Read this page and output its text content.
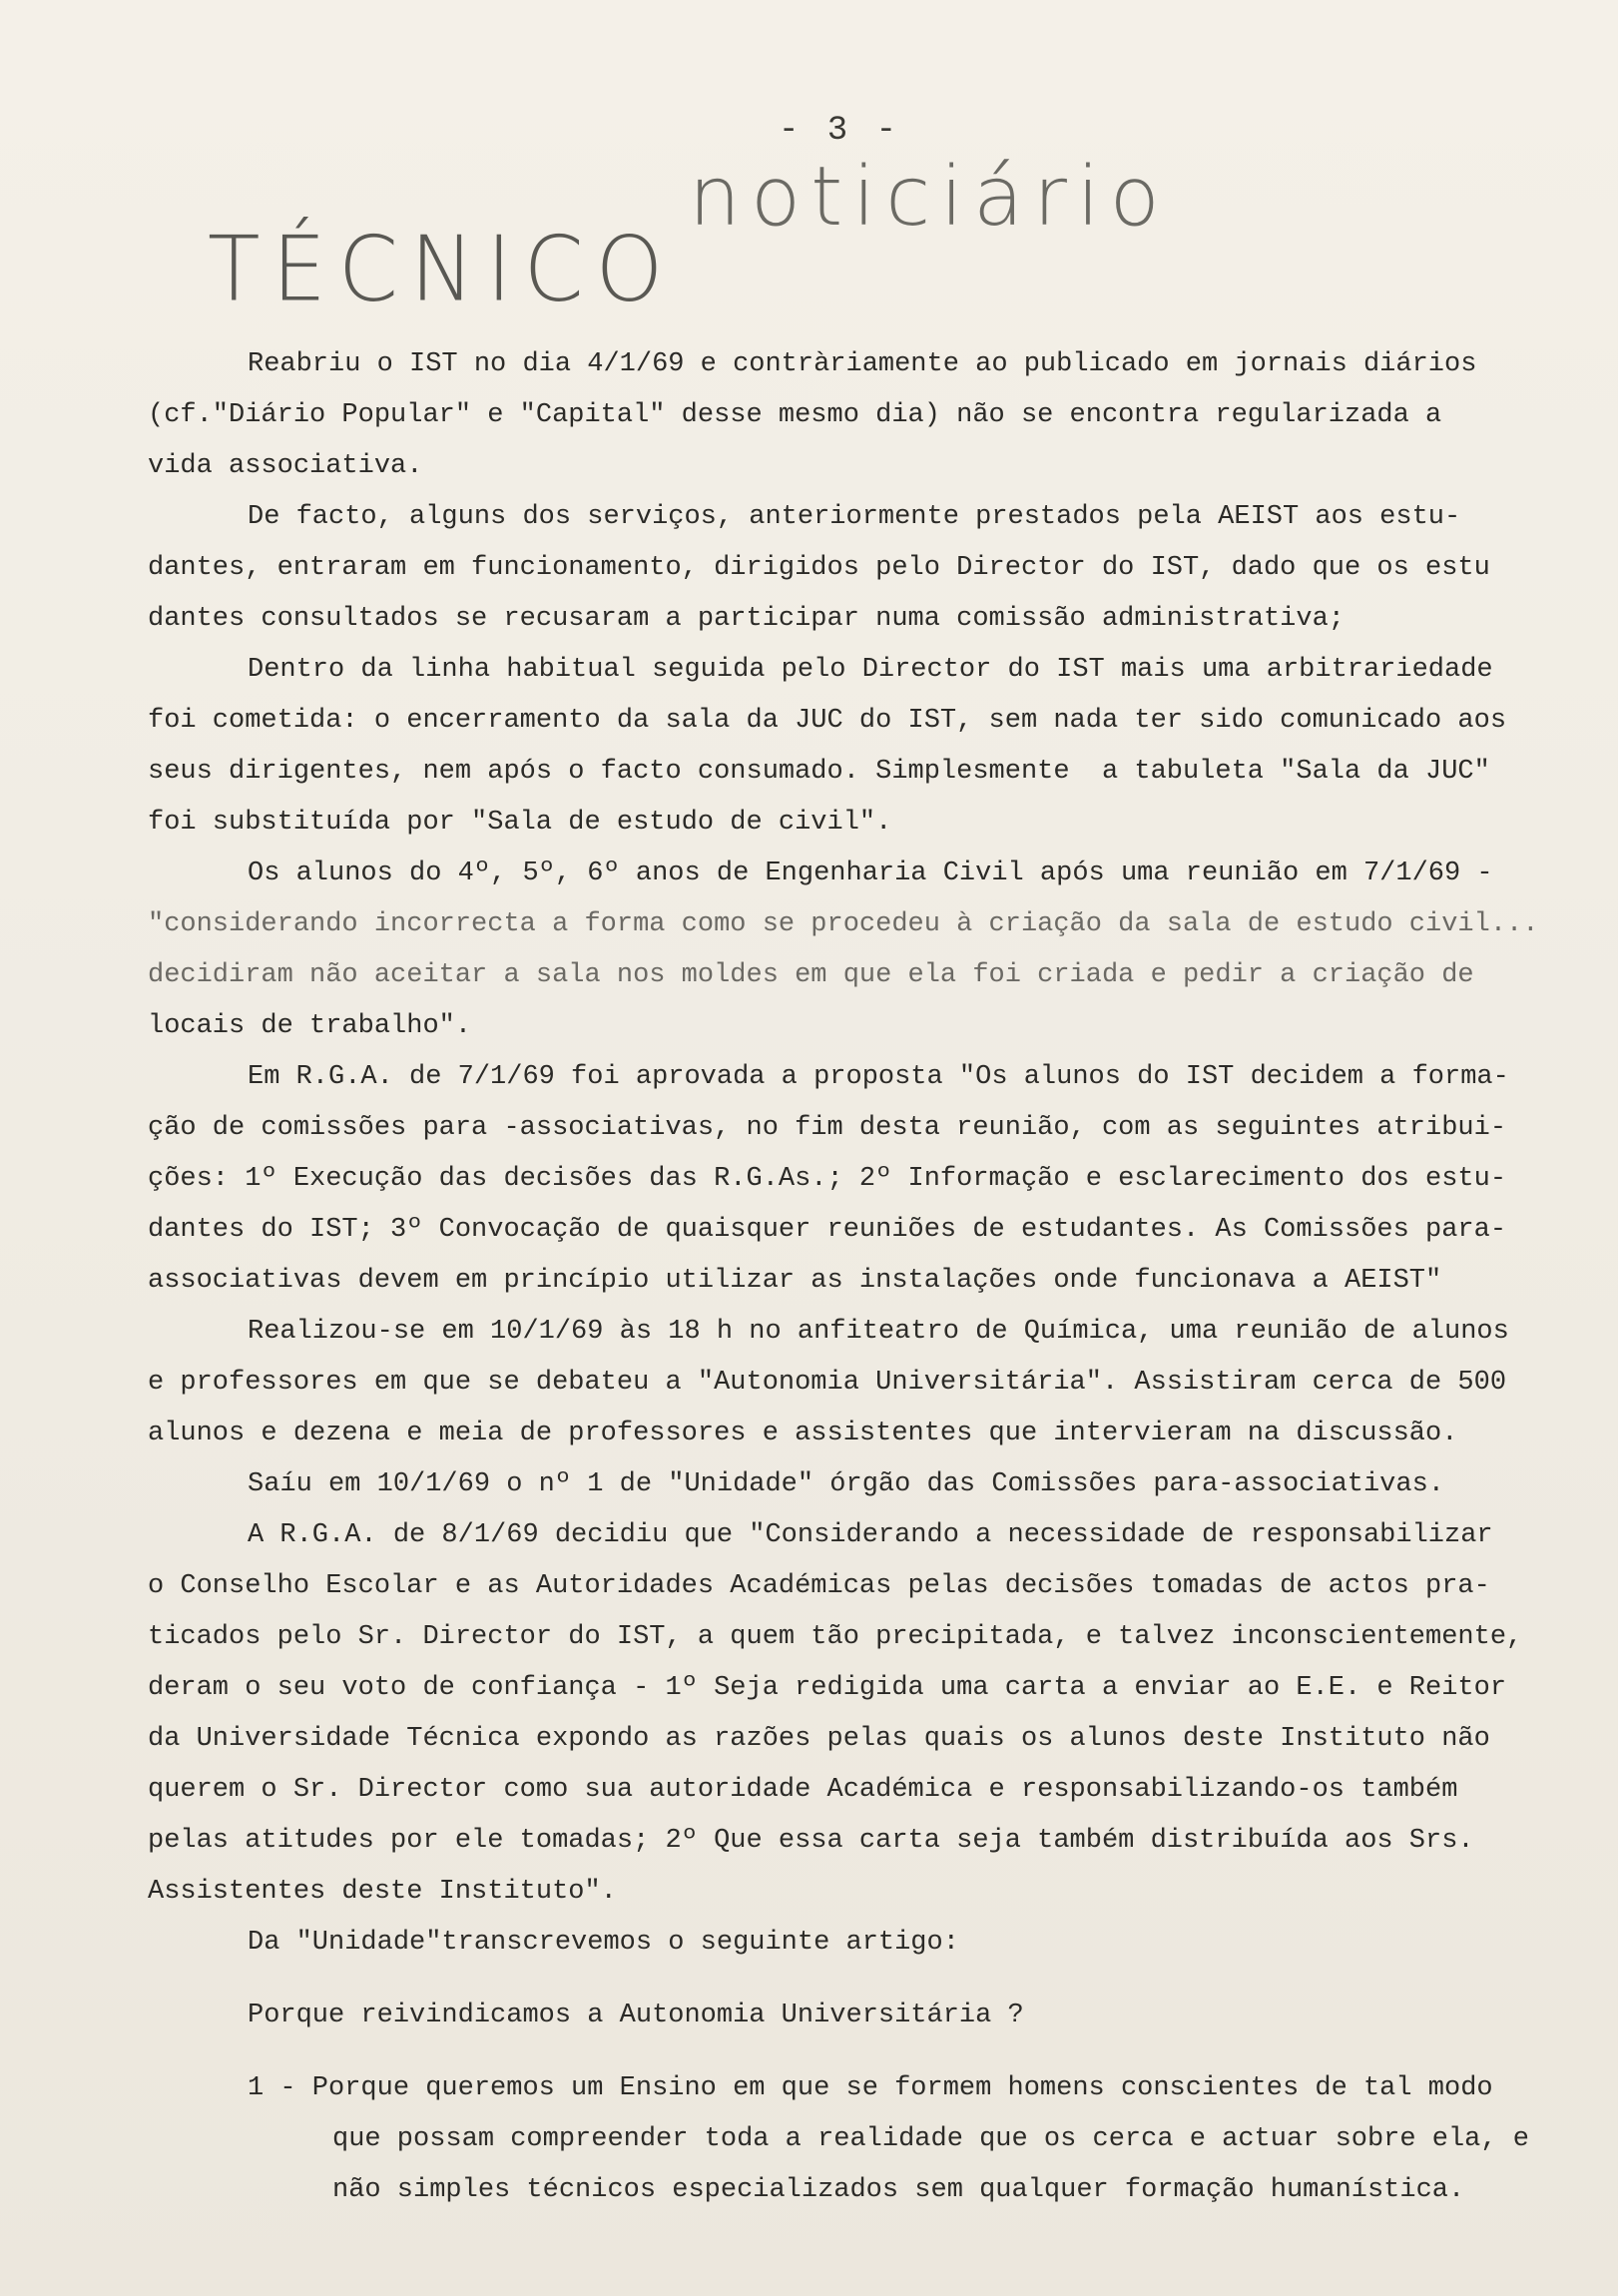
- 3 -
noticiário
TÉCNICO
Reabriu o IST no dia 4/1/69 e contràriamente ao publicado em jornais diários
(cf."Diário Popular" e "Capital" desse mesmo dia) não se encontra regularizada a
vida associativa.
De facto, alguns dos serviços, anteriormente prestados pela AEIST aos estu-
dantes, entraram em funcionamento, dirigidos pelo Director do IST, dado que os estu
dantes consultados se recusaram a participar numa comissão administrativa;
Dentro da linha habitual seguida pelo Director do IST mais uma arbitrariedade
foi cometida: o encerramento da sala da JUC do IST, sem nada ter sido comunicado aos
seus dirigentes, nem após o facto consumado. Simplesmente  a tabuleta "Sala da JUC"
foi substituída por "Sala de estudo de civil".
Os alunos do 4º, 5º, 6º anos de Engenharia Civil após uma reunião em 7/1/69 -
"considerando incorrecta a forma como se procedeu à criação da sala de estudo civil...
decidiram não aceitar a sala nos moldes em que ela foi criada e pedir a criação de
locais de trabalho".
Em R.G.A. de 7/1/69 foi aprovada a proposta "Os alunos do IST decidem a forma-
ção de comissões para -associativas, no fim desta reunião, com as seguintes atribui-
ções: 1º Execução das decisões das R.G.As.; 2º Informação e esclarecimento dos estu-
dantes do IST; 3º Convocação de quaisquer reuniões de estudantes. As Comissões para-
associativas devem em princípio utilizar as instalações onde funcionava a AEIST"
Realizou-se em 10/1/69 às 18 h no anfiteatro de Química, uma reunião de alunos
e professores em que se debateu a "Autonomia Universitária". Assistiram cerca de 500
alunos e dezena e meia de professores e assistentes que intervieram na discussão.
Saíu em 10/1/69 o nº 1 de "Unidade" órgão das Comissões para-associativas.
A R.G.A. de 8/1/69 decidiu que "Considerando a necessidade de responsabilizar
o Conselho Escolar e as Autoridades Académicas pelas decisões tomadas de actos pra-
ticados pelo Sr. Director do IST, a quem tão precipitada, e talvez inconscientemente,
deram o seu voto de confiança - 1º Seja redigida uma carta a enviar ao E.E. e Reitor
da Universidade Técnica expondo as razões pelas quais os alunos deste Instituto não
querem o Sr. Director como sua autoridade Académica e responsabilizando-os também
pelas atitudes por ele tomadas; 2º Que essa carta seja também distribuída aos Srs.
Assistentes deste Instituto".
Da "Unidade"transcrevemos o seguinte artigo:
Porque reivindicamos a Autonomia Universitária ?
1 - Porque queremos um Ensino em que se formem homens conscientes de tal modo
que possam compreender toda a realidade que os cerca e actuar sobre ela, e
não simples técnicos especializados sem qualquer formação humanística.
